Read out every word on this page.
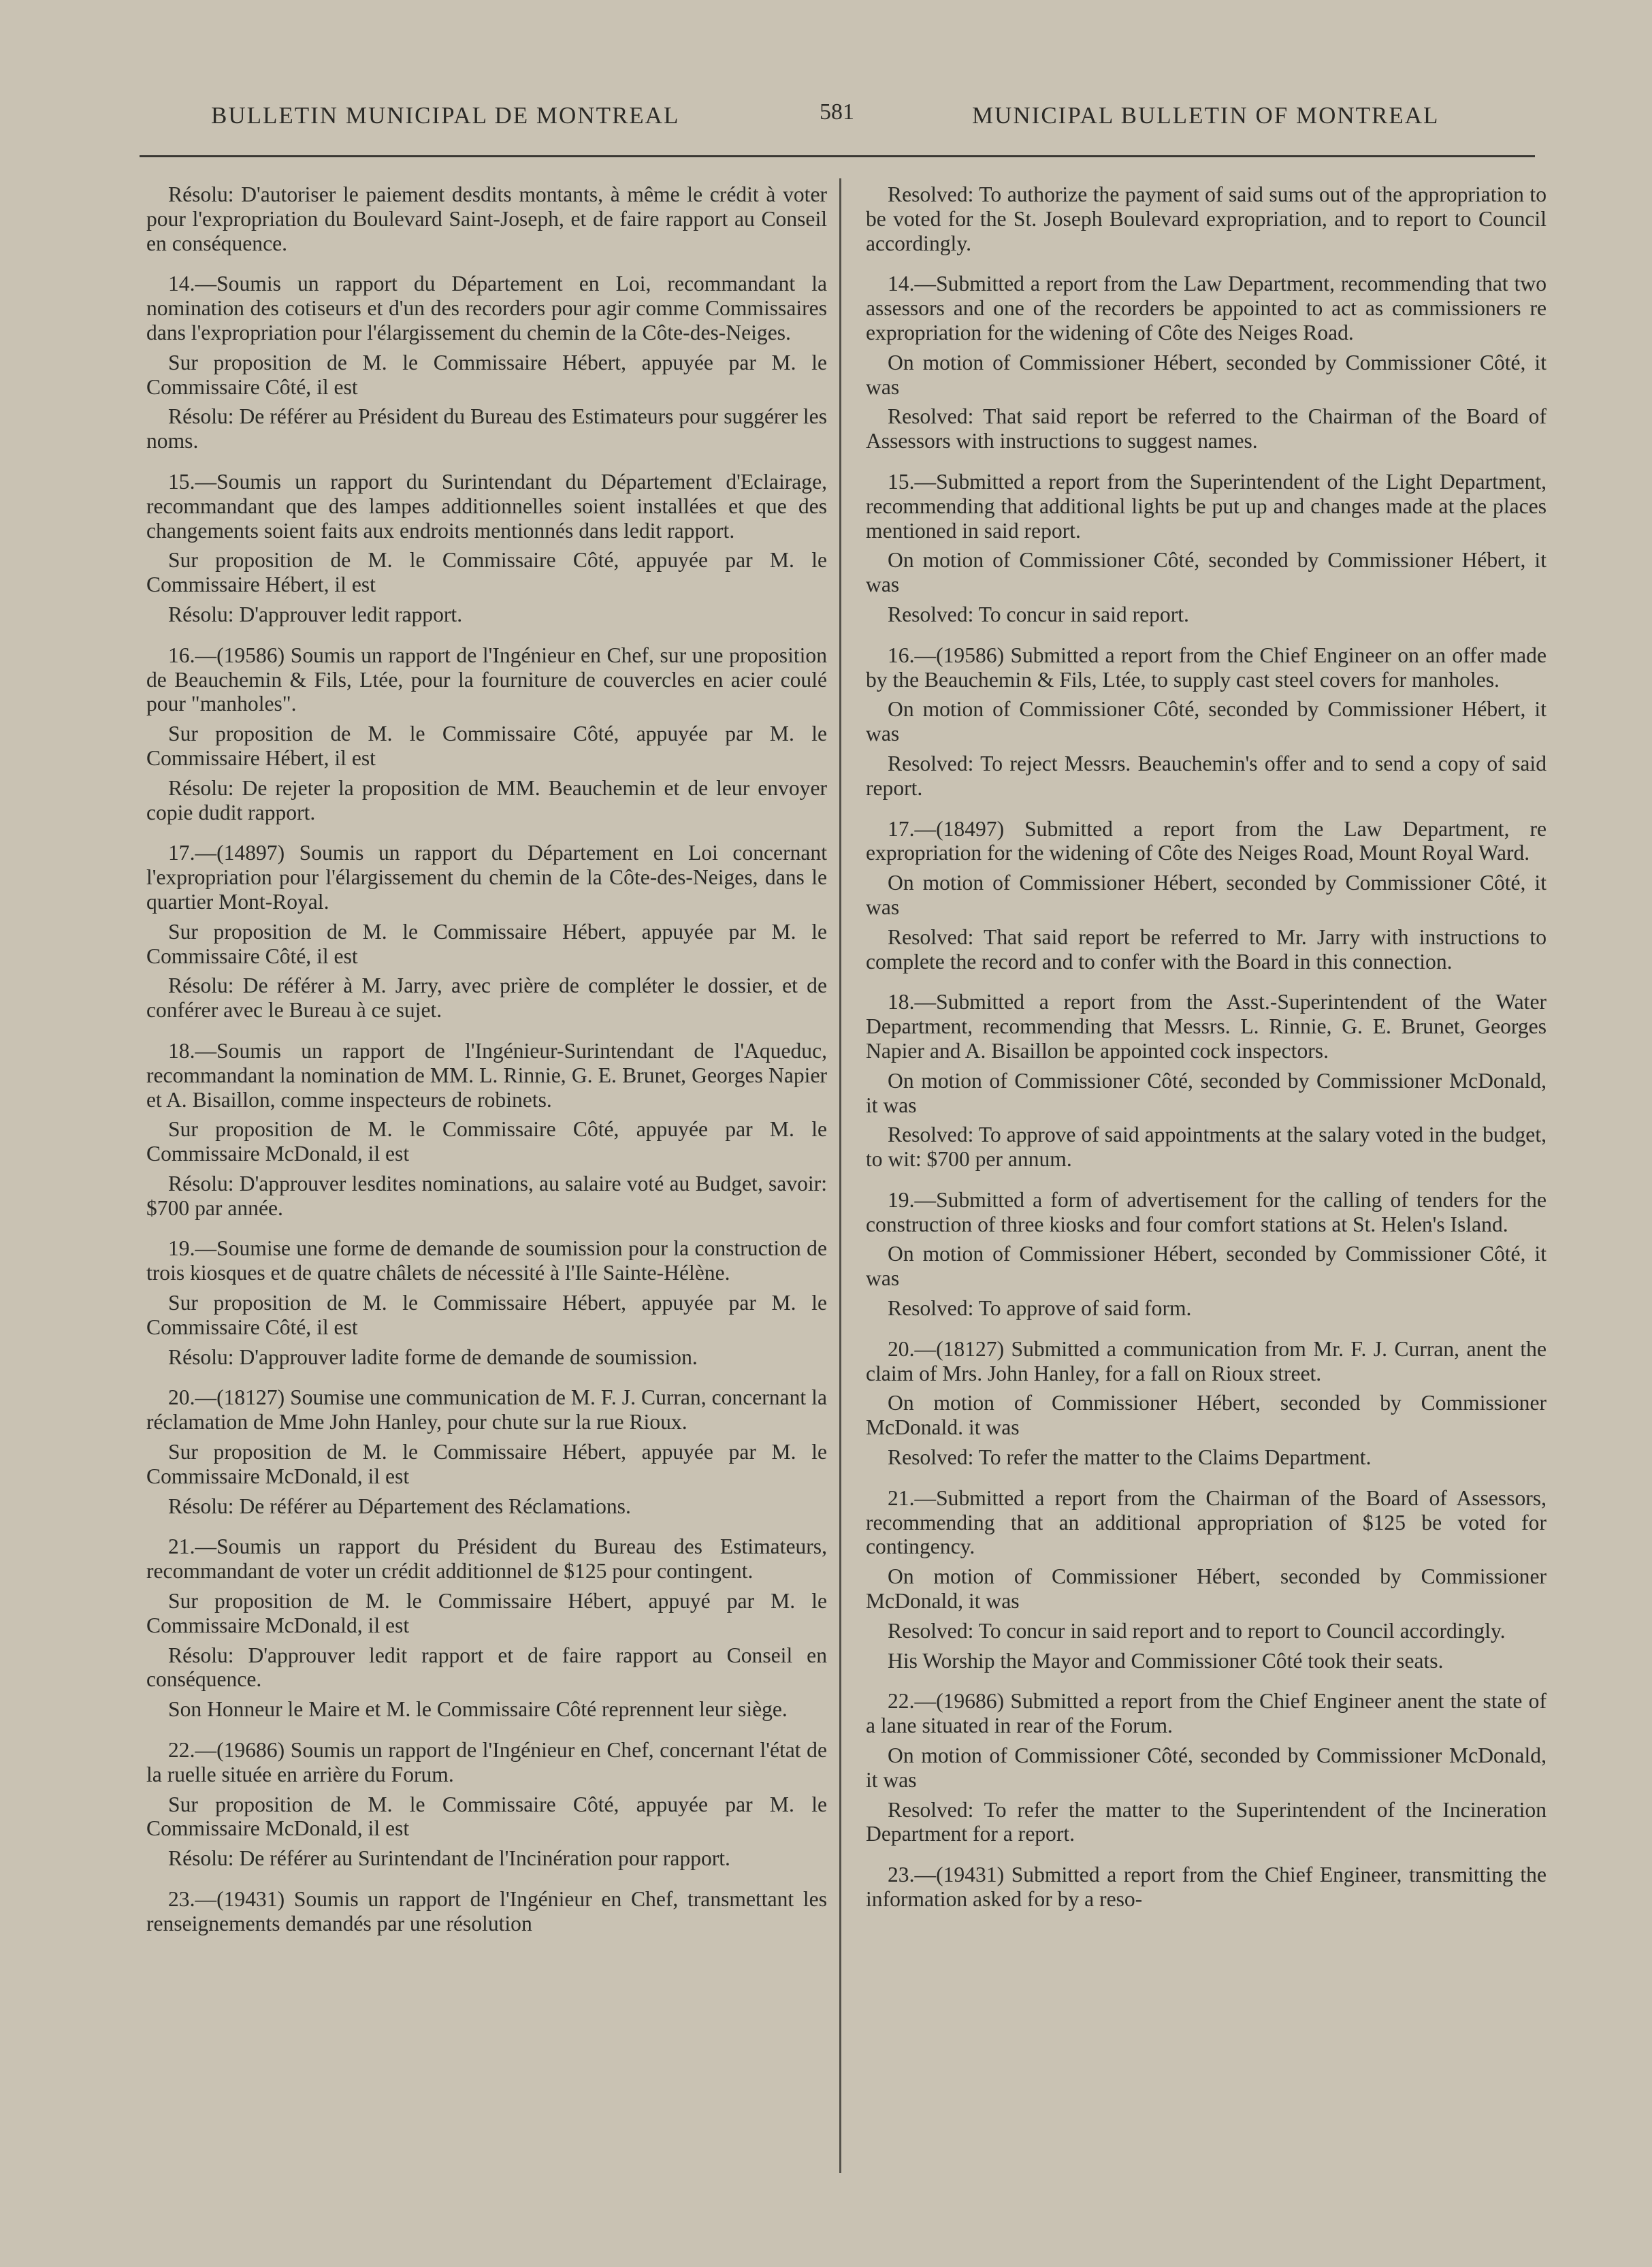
BULLETIN MUNICIPAL DE MONTREAL	581	MUNICIPAL BULLETIN OF MONTREAL

Résolu: D'autoriser le paiement desdits montants, à même le crédit à voter pour l'expropriation du Boulevard Saint-Joseph, et de faire rapport au Conseil en conséquence.

14.—Soumis un rapport du Département en Loi, recommandant la nomination des cotiseurs et d'un des recorders pour agir comme Commissaires dans l'expropriation pour l'élargissement du chemin de la Côte-des-Neiges.

Sur proposition de M. le Commissaire Hébert, appuyée par M. le Commissaire Côté, il est

Résolu: De référer au Président du Bureau des Estimateurs pour suggérer les noms.

15.—Soumis un rapport du Surintendant du Département d'Eclairage, recommandant que des lampes additionnelles soient installées et que des changements soient faits aux endroits mentionnés dans ledit rapport.

Sur proposition de M. le Commissaire Côté, appuyée par M. le Commissaire Hébert, il est

Résolu: D'approuver ledit rapport.

16.—(19586) Soumis un rapport de l'Ingénieur en Chef, sur une proposition de Beauchemin & Fils, Ltée, pour la fourniture de couvercles en acier coulé pour "manholes".

Sur proposition de M. le Commissaire Côté, appuyée par M. le Commissaire Hébert, il est

Résolu: De rejeter la proposition de MM. Beauchemin et de leur envoyer copie dudit rapport.

17.—(14897) Soumis un rapport du Département en Loi concernant l'expropriation pour l'élargissement du chemin de la Côte-des-Neiges, dans le quartier Mont-Royal.

Sur proposition de M. le Commissaire Hébert, appuyée par M. le Commissaire Côté, il est

Résolu: De référer à M. Jarry, avec prière de compléter le dossier, et de conférer avec le Bureau à ce sujet.

18.—Soumis un rapport de l'Ingénieur-Surintendant de l'Aqueduc, recommandant la nomination de MM. L. Rinnie, G. E. Brunet, Georges Napier et A. Bisaillon, comme inspecteurs de robinets.

Sur proposition de M. le Commissaire Côté, appuyée par M. le Commissaire McDonald, il est

Résolu: D'approuver lesdites nominations, au salaire voté au Budget, savoir: $700 par année.

19.—Soumise une forme de demande de soumission pour la construction de trois kiosques et de quatre châlets de nécessité à l'Ile Sainte-Hélène.

Sur proposition de M. le Commissaire Hébert, appuyée par M. le Commissaire Côté, il est

Résolu: D'approuver ladite forme de demande de soumission.

20.—(18127) Soumise une communication de M. F. J. Curran, concernant la réclamation de Mme John Hanley, pour chute sur la rue Rioux.

Sur proposition de M. le Commissaire Hébert, appuyée par M. le Commissaire McDonald, il est

Résolu: De référer au Département des Réclamations.

21.—Soumis un rapport du Président du Bureau des Estimateurs, recommandant de voter un crédit additionnel de $125 pour contingent.

Sur proposition de M. le Commissaire Hébert, appuyé par M. le Commissaire McDonald, il est

Résolu: D'approuver ledit rapport et de faire rapport au Conseil en conséquence.

Son Honneur le Maire et M. le Commissaire Côté reprennent leur siège.

22.—(19686) Soumis un rapport de l'Ingénieur en Chef, concernant l'état de la ruelle située en arrière du Forum.

Sur proposition de M. le Commissaire Côté, appuyée par M. le Commissaire McDonald, il est

Résolu: De référer au Surintendant de l'Incinération pour rapport.

23.—(19431) Soumis un rapport de l'Ingénieur en Chef, transmettant les renseignements demandés par une résolution

Resolved: To authorize the payment of said sums out of the appropriation to be voted for the St. Joseph Boulevard expropriation, and to report to Council accordingly.

14.—Submitted a report from the Law Department, recommending that two assessors and one of the recorders be appointed to act as commissioners re expropriation for the widening of Côte des Neiges Road.

On motion of Commissioner Hébert, seconded by Commissioner Côté, it was

Resolved: That said report be referred to the Chairman of the Board of Assessors with instructions to suggest names.

15.—Submitted a report from the Superintendent of the Light Department, recommending that additional lights be put up and changes made at the places mentioned in said report.

On motion of Commissioner Côté, seconded by Commissioner Hébert, it was

Resolved: To concur in said report.

16.—(19586) Submitted a report from the Chief Engineer on an offer made by the Beauchemin & Fils, Ltée, to supply cast steel covers for manholes.

On motion of Commissioner Côté, seconded by Commissioner Hébert, it was

Resolved: To reject Messrs. Beauchemin's offer and to send a copy of said report.

17.—(18497) Submitted a report from the Law Department, re expropriation for the widening of Côte des Neiges Road, Mount Royal Ward.

On motion of Commissioner Hébert, seconded by Commissioner Côté, it was

Resolved: That said report be referred to Mr. Jarry with instructions to complete the record and to confer with the Board in this connection.

18.—Submitted a report from the Asst.-Superintendent of the Water Department, recommending that Messrs. L. Rinnie, G. E. Brunet, Georges Napier and A. Bisaillon be appointed cock inspectors.

On motion of Commissioner Côté, seconded by Commissioner McDonald, it was

Resolved: To approve of said appointments at the salary voted in the budget, to wit: $700 per annum.

19.—Submitted a form of advertisement for the calling of tenders for the construction of three kiosks and four comfort stations at St. Helen's Island.

On motion of Commissioner Hébert, seconded by Commissioner Côté, it was

Resolved: To approve of said form.

20.—(18127) Submitted a communication from Mr. F. J. Curran, anent the claim of Mrs. John Hanley, for a fall on Rioux street.

On motion of Commissioner Hébert, seconded by Commissioner McDonald. it was

Resolved: To refer the matter to the Claims Department.

21.—Submitted a report from the Chairman of the Board of Assessors, recommending that an additional appropriation of $125 be voted for contingency.

On motion of Commissioner Hébert, seconded by Commissioner McDonald, it was

Resolved: To concur in said report and to report to Council accordingly.

His Worship the Mayor and Commissioner Côté took their seats.

22.—(19686) Submitted a report from the Chief Engineer anent the state of a lane situated in rear of the Forum.

On motion of Commissioner Côté, seconded by Commissioner McDonald, it was

Resolved: To refer the matter to the Superintendent of the Incineration Department for a report.

23.—(19431) Submitted a report from the Chief Engineer, transmitting the information asked for by a reso-
